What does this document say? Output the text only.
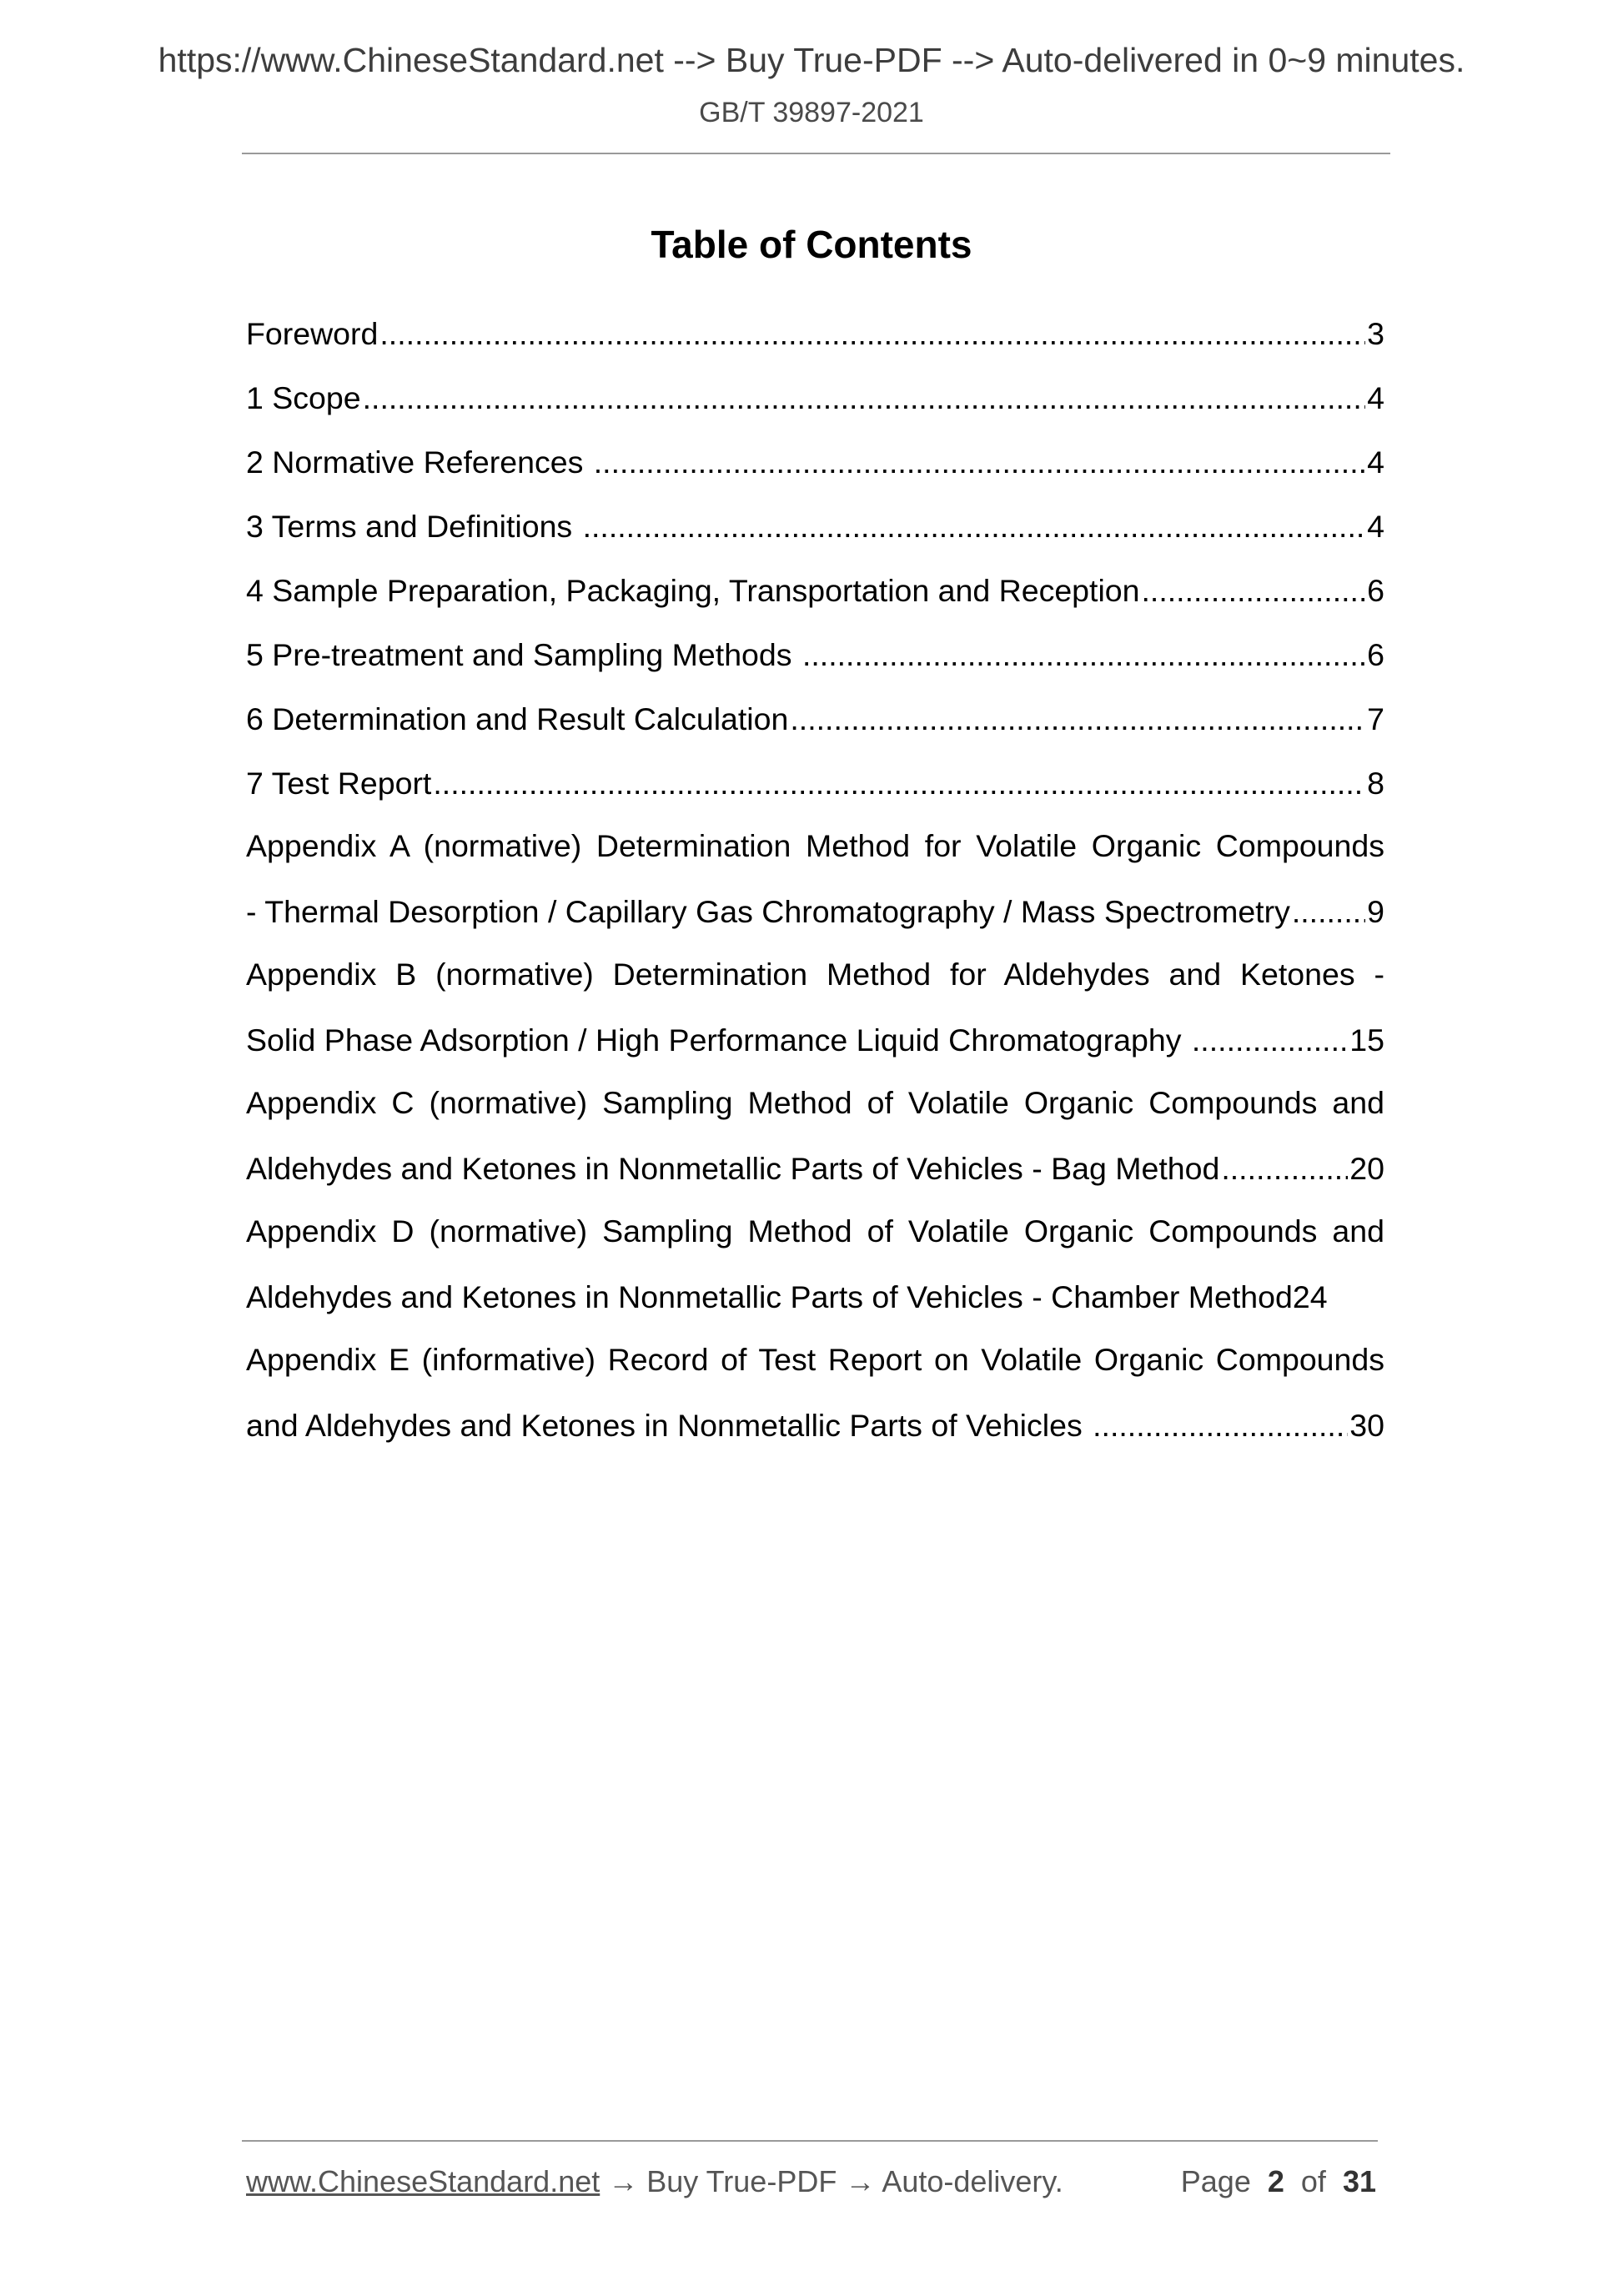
https://www.ChineseStandard.net --> Buy True-PDF --> Auto-delivered in 0~9 minutes.
GB/T 39897-2021
Table of Contents
Foreword .....	3
1 Scope .....	4
2 Normative References .....	4
3 Terms and Definitions .....	4
4 Sample Preparation, Packaging, Transportation and Reception .....	6
5 Pre-treatment and Sampling Methods .....	6
6 Determination and Result Calculation .....	7
7 Test Report .....	8
Appendix A (normative) Determination Method for Volatile Organic Compounds
- Thermal Desorption / Capillary Gas Chromatography / Mass Spectrometry ..... 9
Appendix B (normative) Determination Method for Aldehydes and Ketones -
Solid Phase Adsorption / High Performance Liquid Chromatography .....	15
Appendix C (normative) Sampling Method of Volatile Organic Compounds and
Aldehydes and Ketones in Nonmetallic Parts of Vehicles - Bag Method .....	20
Appendix D (normative) Sampling Method of Volatile Organic Compounds and
Aldehydes and Ketones in Nonmetallic Parts of Vehicles - Chamber Method 24
Appendix E (informative) Record of Test Report on Volatile Organic Compounds
and Aldehydes and Ketones in Nonmetallic Parts of Vehicles .....	30
www.ChineseStandard.net → Buy True-PDF → Auto-delivery.	Page 2 of 31
